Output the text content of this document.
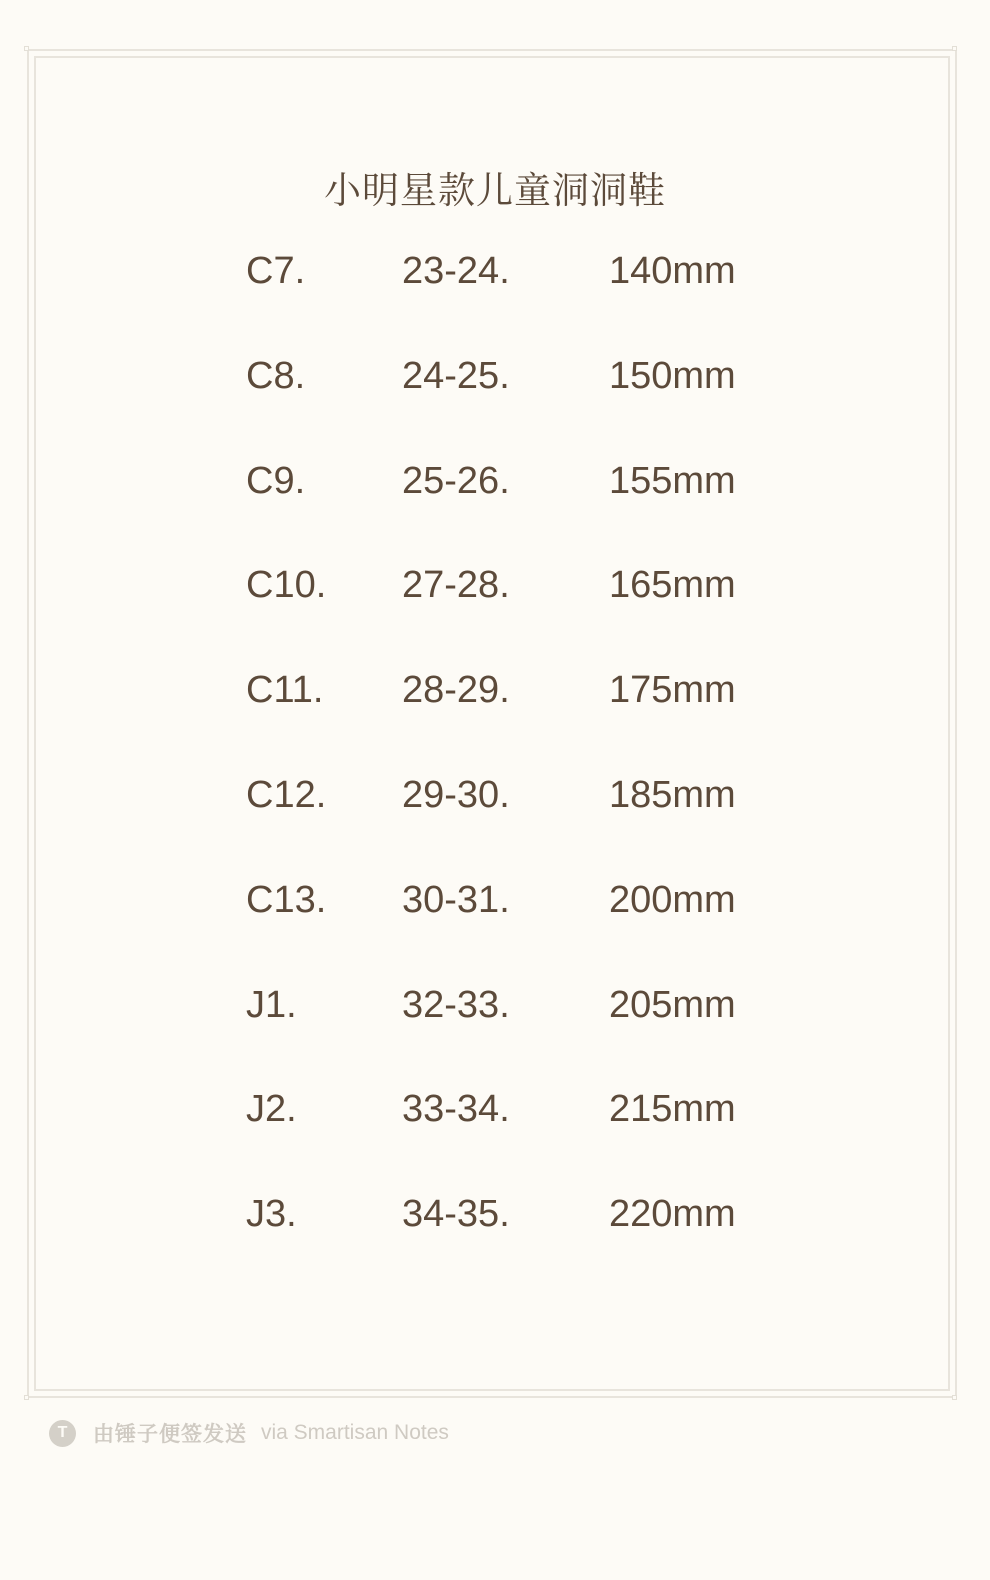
小明星款儿童洞洞鞋
C7.	23-24.	140mm
C8.	24-25.	150mm
C9.	25-26.	155mm
C10. 27-28.	165mm
C11. 28-29.	175mm
C12. 29-30.	185mm
C13. 30-31.	200mm
J1.	32-33.	205mm
J2.	33-34.	215mm
J3.	34-35.	220mm
T	由锤子便签发送 via Smartisan Notes
